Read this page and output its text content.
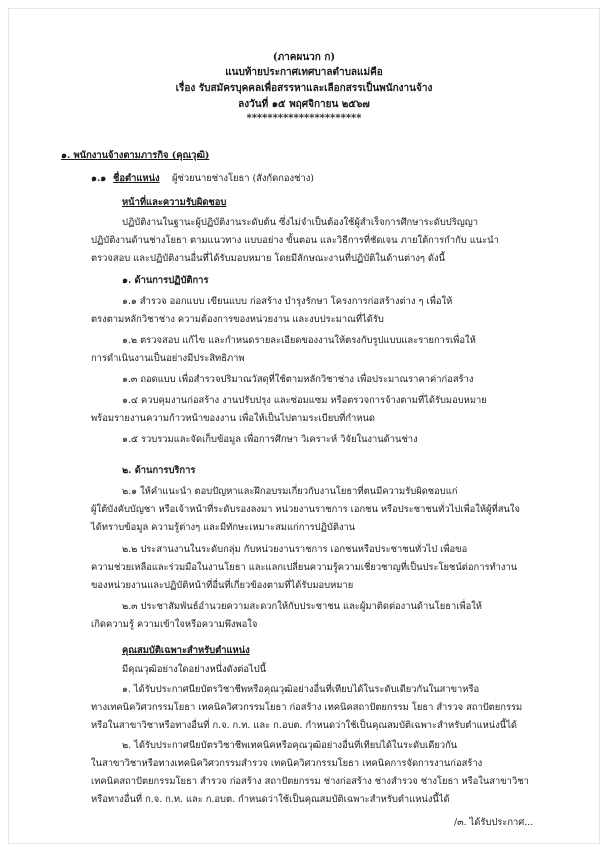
(ภาคผนวก ก)
แนบท้ายประกาศเทศบาลตำบลแม่คือ
เรื่อง รับสมัครบุคคลเพื่อสรรหาและเลือกสรรเป็นพนักงานจ้าง
ลงวันที่ ๑๕ พฤศจิกายน ๒๕๖๗
**********************
๑. พนักงานจ้างตามภารกิจ (คุณวุฒิ)
๑.๑ ชื่อตำแหน่ง ผู้ช่วยนายช่างโยธา (สังกัดกองช่าง)
หน้าที่และความรับผิดชอบ
ปฏิบัติงานในฐานะผู้ปฏิบัติงานระดับต้น ซึ่งไม่จำเป็นต้องใช้ผู้สำเร็จการศึกษาระดับปริญญา
ปฏิบัติงานด้านช่างโยธา ตามแนวทาง แบบอย่าง ขั้นตอน และวิธีการที่ชัดเจน ภายใต้การกำกับ แนะนำ
ตรวจสอบ และปฏิบัติงานอื่นที่ได้รับมอบหมาย โดยมีลักษณะงานที่ปฏิบัติในด้านต่างๆ ดังนี้
๑. ด้านการปฏิบัติการ
๑.๑ สำรวจ ออกแบบ เขียนแบบ ก่อสร้าง บำรุงรักษา โครงการก่อสร้างต่าง ๆ เพื่อให้
ตรงตามหลักวิชาช่าง ความต้องการของหน่วยงาน และงบประมาณที่ได้รับ
๑.๒ ตรวจสอบ แก้ไข และกำหนดรายละเอียดของงานให้ตรงกับรูปแบบและรายการเพื่อให้
การดำเนินงานเป็นอย่างมีประสิทธิภาพ
๑.๓ ถอดแบบ เพื่อสำรวจปริมาณวัสดุที่ใช้ตามหลักวิชาช่าง เพื่อประมาณราคาค่าก่อสร้าง
๑.๔ ควบคุมงานก่อสร้าง งานปรับปรุง และซ่อมแซม หรือตรวจการจ้างตามที่ได้รับมอบหมาย
พร้อมรายงานความก้าวหน้าของงาน เพื่อให้เป็นไปตามระเบียบที่กำหนด
๑.๕ รวบรวมและจัดเก็บข้อมูล เพื่อการศึกษา วิเคราะห์ วิจัยในงานด้านช่าง
๒. ด้านการบริการ
๒.๑ ให้คำแนะนำ ตอบปัญหาและฝึกอบรมเกี่ยวกับงานโยธาที่ตนมีความรับผิดชอบแก่
ผู้ใต้บังคับบัญชา หรือเจ้าหน้าที่ระดับรองลงมา หน่วยงานราชการ เอกชน หรือประชาชนทั่วไปเพื่อให้ผู้ที่สนใจ
ได้ทราบข้อมูล ความรู้ต่างๆ และมีทักษะเหมาะสมแก่การปฏิบัติงาน
๒.๒ ประสานงานในระดับกลุ่ม กับหน่วยงานราชการ เอกชนหรือประชาชนทั่วไป เพื่อขอ
ความช่วยเหลือและร่วมมือในงานโยธา และแลกเปลี่ยนความรู้ความเชี่ยวชาญที่เป็นประโยชน์ต่อการทำงาน
ของหน่วยงานและปฏิบัติหน้าที่อื่นที่เกี่ยวข้องตามที่ได้รับมอบหมาย
๒.๓ ประชาสัมพันธ์อำนวยความสะดวกให้กับประชาชน และผู้มาติดต่องานด้านโยธาเพื่อให้
เกิดความรู้ ความเข้าใจหรือความพึงพอใจ
คุณสมบัติเฉพาะสำหรับตำแหน่ง
มีคุณวุฒิอย่างใดอย่างหนึ่งดังต่อไปนี้
๑. ได้รับประกาศนียบัตรวิชาชีพหรือคุณวุฒิอย่างอื่นที่เทียบได้ในระดับเดียวกันในสาขาหรือ
ทางเทคนิควิศวกรรมโยธา เทคนิควิศวกรรมโยธา ก่อสร้าง เทคนิคสถาปัตยกรรม โยธา สำรวจ สถาปัตยกรรม
หรือในสาขาวิชาหรือทางอื่นที่ ก.จ. ก.ท. และ ก.อบต. กำหนดว่าใช้เป็นคุณสมบัติเฉพาะสำหรับตำแหน่งนี้ได้
๒. ได้รับประกาศนียบัตรวิชาชีพเทคนิคหรือคุณวุฒิอย่างอื่นที่เทียบได้ในระดับเดียวกัน
ในสาขาวิชาหรือทางเทคนิควิศวกรรมสำรวจ เทคนิควิศวกรรมโยธา เทคนิคการจัดการงานก่อสร้าง
เทคนิคสถาปัตยกรรมโยธา สำรวจ ก่อสร้าง สถาปัตยกรรม ช่างก่อสร้าง ช่างสำรวจ ช่างโยธา หรือในสาขาวิชา
หรือทางอื่นที่ ก.จ. ก.ท. และ ก.อบต. กำหนดว่าใช้เป็นคุณสมบัติเฉพาะสำหรับตำแหน่งนี้ได้
/๓. ได้รับประกาศ...
